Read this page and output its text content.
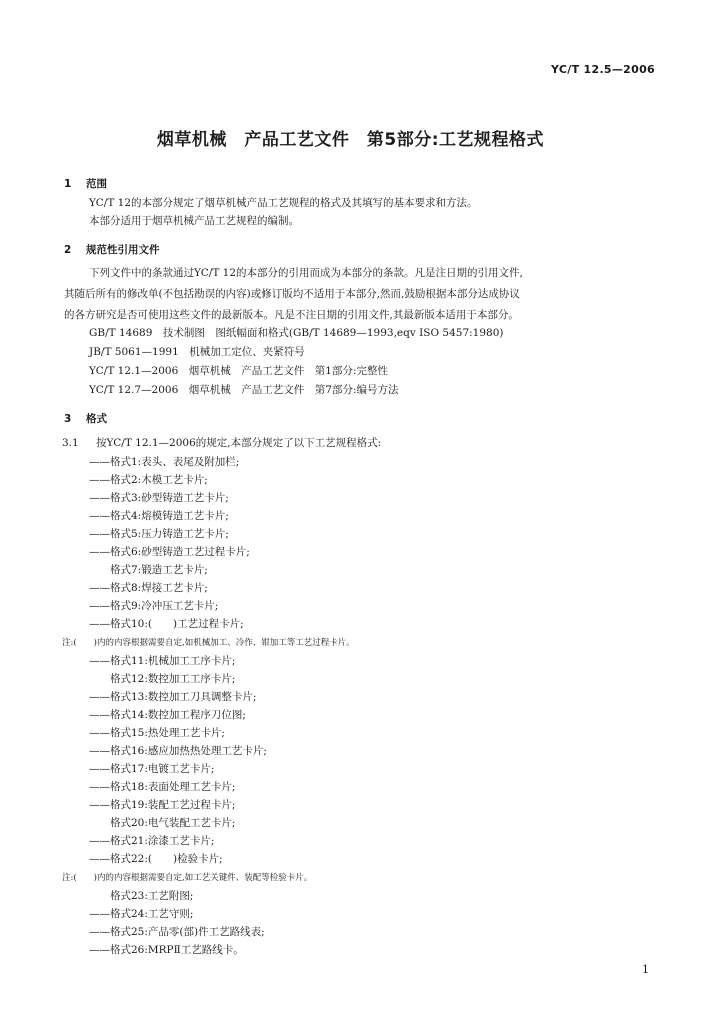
YC/T 12.5—2006
烟草机械　产品工艺文件　第5部分:工艺规程格式
1 范围
YC/T 12的本部分规定了烟草机械产品工艺规程的格式及其填写的基本要求和方法。
本部分适用于烟草机械产品工艺规程的编制。
2 规范性引用文件
下列文件中的条款通过YC/T 12的本部分的引用而成为本部分的条款。凡是注日期的引用文件,
其随后所有的修改单(不包括勘误的内容)或修订版均不适用于本部分,然而,鼓励根据本部分达成协议
的各方研究是否可使用这些文件的最新版本。凡是不注日期的引用文件,其最新版本适用于本部分。
GB/T 14689　技术制图　图纸幅面和格式(GB/T 14689—1993,eqv ISO 5457:1980)
JB/T 5061—1991　机械加工定位、夹紧符号
YC/T 12.1—2006　烟草机械　产品工艺文件　第1部分:完整性
YC/T 12.7—2006　烟草机械　产品工艺文件　第7部分:编号方法
3 格式
3.1 按YC/T 12.1—2006的规定,本部分规定了以下工艺规程格式:
——格式1:表头、表尾及附加栏;
——格式2:木模工艺卡片;
——格式3:砂型铸造工艺卡片;
——格式4:熔模铸造工艺卡片;
——格式5:压力铸造工艺卡片;
——格式6:砂型铸造工艺过程卡片;
　　格式7:锻造工艺卡片;
——格式8:焊接工艺卡片;
——格式9:冷冲压工艺卡片;
——格式10:(　　)工艺过程卡片;
注:(　　)内的内容根据需要自定,如机械加工、冷作、钳加工等工艺过程卡片。
——格式11:机械加工工序卡片;
　　格式12:数控加工工序卡片;
——格式13:数控加工刀具调整卡片;
——格式14:数控加工程序刀位图;
——格式15:热处理工艺卡片;
——格式16:感应加热热处理工艺卡片;
——格式17:电镀工艺卡片;
——格式18:表面处理工艺卡片;
——格式19:装配工艺过程卡片;
　　格式20:电气装配工艺卡片;
——格式21:涂漆工艺卡片;
——格式22:(　　)检验卡片;
注:(　　)内的内容根据需要自定,如工艺关键件、装配等检验卡片。
　　格式23:工艺附图;
——格式24:工艺守则;
——格式25:产品零(部)件工艺路线表;
——格式26:MRPⅡ工艺路线卡。
1
